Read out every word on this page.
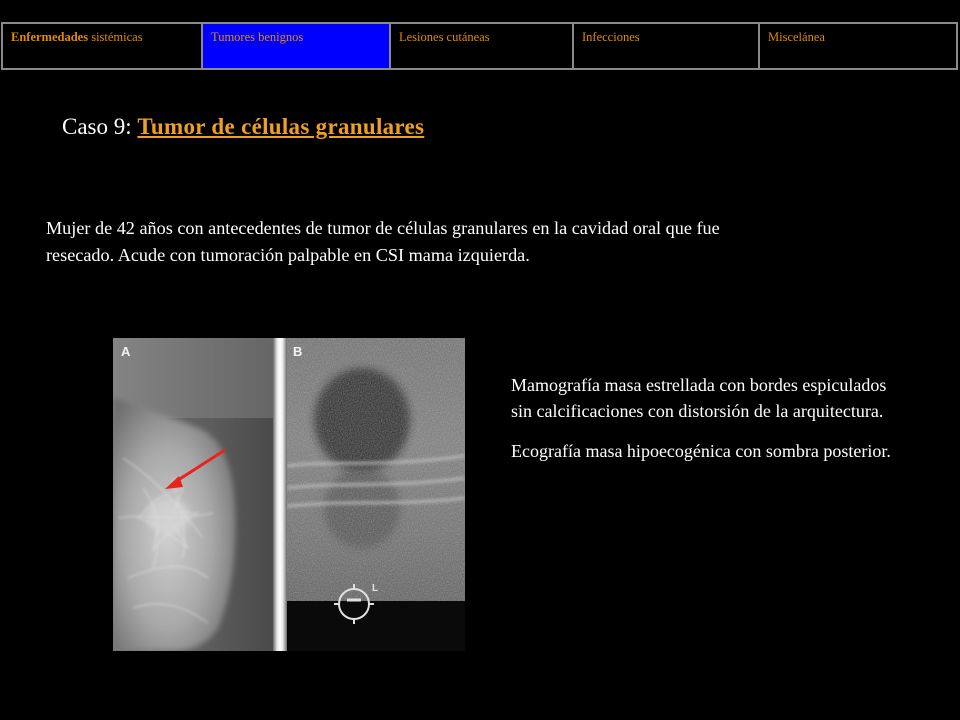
Enfermedades sistémicas	Tumores benignos	Lesiones cutáneas	Infecciones	Miscelánea
Caso 9: Tumor de células granulares
Mujer de 42 años con antecedentes de tumor de células granulares en la cavidad oral que fue
resecado. Acude con tumoración palpable en CSI mama izquierda.
A
L
B

Mamografía masa estrellada con bordes espiculados sin calcificaciones con distorsión de la arquitectura.

Ecografía masa hipoecogénica con sombra posterior.
